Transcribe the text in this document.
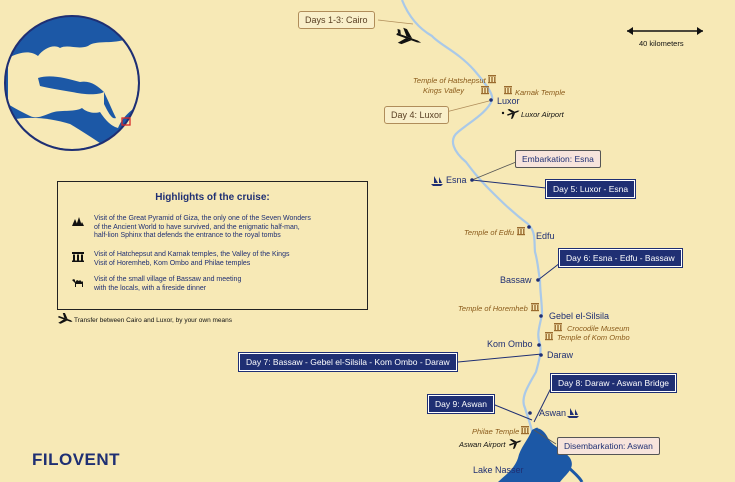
Days 1-3: Cairo
Day 4: Luxor
Embarkation: Esna
Day 5: Luxor - Esna
Day 6: Esna - Edfu - Bassaw
Day 7: Bassaw - Gebel el-Silsila - Kom Ombo - Daraw
Day 8: Daraw - Aswan Bridge
Day 9: Aswan
Disembarkation: Aswan
Luxor
Esna
Edfu
Bassaw
Gebel el-Silsila
Kom Ombo
Daraw
Aswan
Lake Nasser
Temple of Hatshepsut
Kings Valley	Karnak Temple
Temple of Edfu
Temple of Horemheb
Crocodile Museum
Temple of Kom Ombo
Philae Temple
Luxor Airport
Aswan Airport
40 kilometers
Highlights of the cruise:
Visit of the Great Pyramid of Giza, the only one of the Seven Wonders
of the Ancient World to have survived, and the enigmatic half-man,
half-lion Sphinx that defends the entrance to the royal tombs
Visit of Hatchepsut and Karnak temples, the Valley of the Kings
Visit of Horemheb, Kom Ombo and Philae temples
Visit of the small village of Bassaw and meeting
with the locals, with a fireside dinner
Transfer between Cairo and Luxor, by your own means
FILOVENT
